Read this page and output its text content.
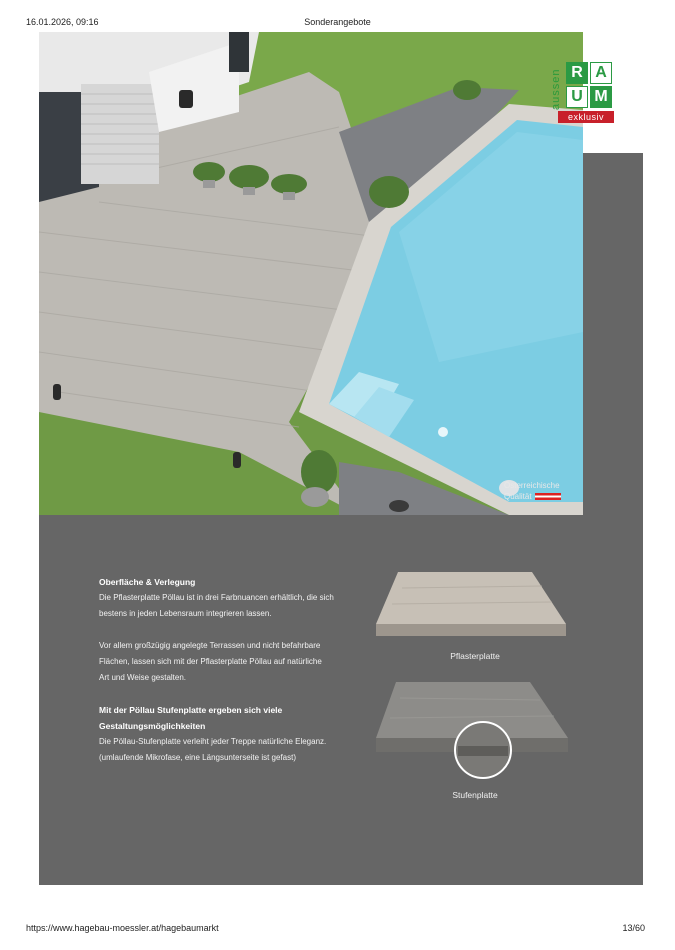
16.01.2026, 09:16	Sonderangebote
aussen R A
U M
exklusiv
Österreichische
Qualität
Oberfläche & Verlegung

Die Pflasterplatte Pöllau ist in drei Farbnuancen erhältlich, die sich

bestens in jeden Lebensraum integrieren lassen.

Vor allem großzügig angelegte Terrassen und nicht befahrbare

Flächen, lassen sich mit der Pflasterplatte Pöllau auf natürliche

Art und Weise gestalten.

Mit der Pöllau Stufenplatte ergeben sich viele
Gestaltungsmöglichkeiten

Die Pöllau-Stufenplatte verleiht jeder Treppe natürliche Eleganz.

(umlaufende Mikrofase, eine Längsunterseite ist gefast)

Pflasterplatte
Stufenplatte
https://www.hagebau-moessler.at/hagebaumarkt	13/60
